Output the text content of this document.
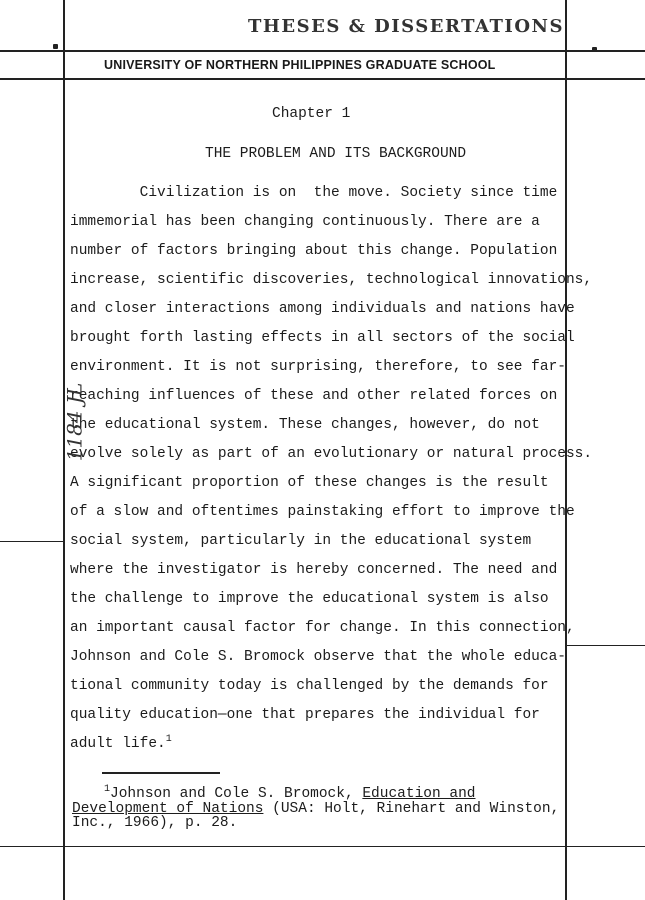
THESES & DISSERTATIONS
UNIVERSITY OF NORTHERN PHILIPPINES GRADUATE SCHOOL
Chapter 1
THE PROBLEM AND ITS BACKGROUND
Civilization is on  the move. Society since time
immemorial has been changing continuously. There are a
number of factors bringing about this change. Population
increase, scientific discoveries, technological innovations,
and closer interactions among individuals and nations have
brought forth lasting effects in all sectors of the social
environment. It is not surprising, therefore, to see far-
reaching influences of these and other related forces on
the educational system. These changes, however, do not
evolve solely as part of an evolutionary or natural process.
A significant proportion of these changes is the result
of a slow and oftentimes painstaking effort to improve the
social system, particularly in the educational system
where the investigator is hereby concerned. The need and
the challenge to improve the educational system is also
an important causal factor for change. In this connection,
Johnson and Cole S. Bromock observe that the whole educa-
tional community today is challenged by the demands for
quality education—one that prepares the individual for
adult life.$^1$
$^1$Johnson and Cole S. Bromock, Education and
Development of Nations (USA: Holt, Rinehart and Winston,
Inc., 1966), p. 28.
1184 JL
